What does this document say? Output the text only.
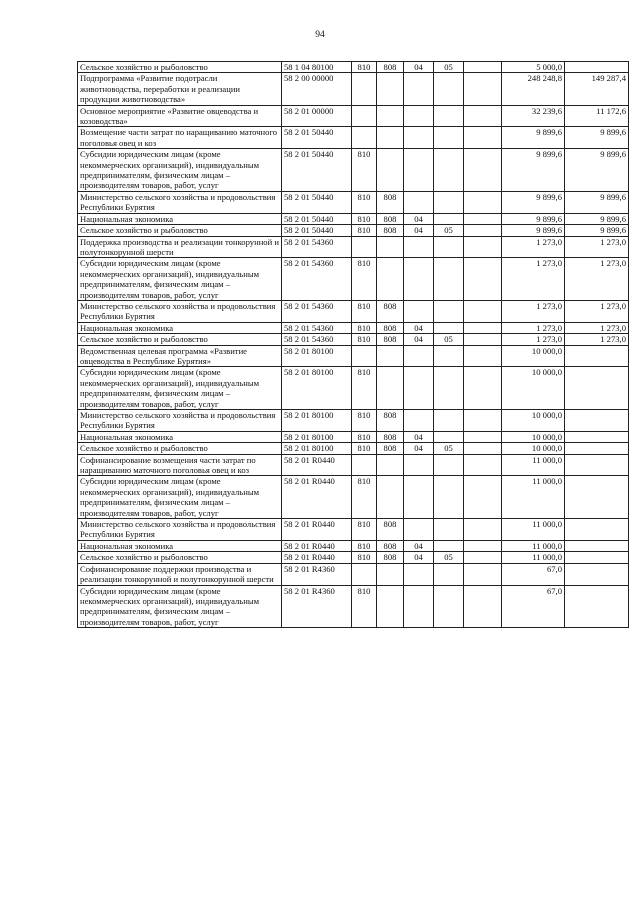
94
Сельское хозяйство и рыболовство	58 1 04 80100	810	808	04	05		5 000,0	
Подпрограмма «Развитие подотрасли животноводства, переработки и реализации продукции животноводства»	58 2 00 00000						248 248,8	149 287,4
Основное мероприятие «Развитие овцеводства и козоводства»	58 2 01 00000						32 239,6	11 172,6
Возмещение части затрат по наращиванию маточного поголовья овец и коз	58 2 01 50440						9 899,6	9 899,6
Субсидии юридическим лицам (кроме некоммерческих организаций), индивидуальным предпринимателям, физическим лицам – производителям товаров, работ, услуг	58 2 01 50440	810					9 899,6	9 899,6
Министерство сельского хозяйства и продовольствия Республики Бурятия	58 2 01 50440	810	808				9 899,6	9 899,6
Национальная экономика	58 2 01 50440	810	808	04			9 899,6	9 899,6
Сельское хозяйство и рыболовство	58 2 01 50440	810	808	04	05		9 899,6	9 899,6
Поддержка производства и реализации тонкорунной и полутонкорунной шерсти	58 2 01 54360						1 273,0	1 273,0
Субсидии юридическим лицам (кроме некоммерческих организаций), индивидуальным предпринимателям, физическим лицам – производителям товаров, работ, услуг	58 2 01 54360	810					1 273,0	1 273,0
Министерство сельского хозяйства и продовольствия Республики Бурятия	58 2 01 54360	810	808				1 273,0	1 273,0
Национальная экономика	58 2 01 54360	810	808	04			1 273,0	1 273,0
Сельское хозяйство и рыболовство	58 2 01 54360	810	808	04	05		1 273,0	1 273,0
Ведомственная целевая программа «Развитие овцеводства в Республике Бурятия»	58 2 01 80100						10 000,0	
Субсидии юридическим лицам (кроме некоммерческих организаций), индивидуальным предпринимателям, физическим лицам – производителям товаров, работ, услуг	58 2 01 80100	810					10 000,0	
Министерство сельского хозяйства и продовольствия Республики Бурятия	58 2 01 80100	810	808				10 000,0	
Национальная экономика	58 2 01 80100	810	808	04			10 000,0	
Сельское хозяйство и рыболовство	58 2 01 80100	810	808	04	05		10 000,0	
Софинансирование возмещения части затрат по наращиванию маточного поголовья овец и коз	58 2 01 R0440						11 000,0	
Субсидии юридическим лицам (кроме некоммерческих организаций), индивидуальным предпринимателям, физическим лицам – производителям товаров, работ, услуг	58 2 01 R0440	810					11 000,0	
Министерство сельского хозяйства и продовольствия Республики Бурятия	58 2 01 R0440	810	808				11 000,0	
Национальная экономика	58 2 01 R0440	810	808	04			11 000,0	
Сельское хозяйство и рыболовство	58 2 01 R0440	810	808	04	05		11 000,0	
Софинансирование поддержки производства и реализации тонкорунной и полутонкорунной шерсти	58 2 01 R4360						67,0	
Субсидии юридическим лицам (кроме некоммерческих организаций), индивидуальным предпринимателям, физическим лицам – производителям товаров, работ, услуг	58 2 01 R4360	810					67,0	
